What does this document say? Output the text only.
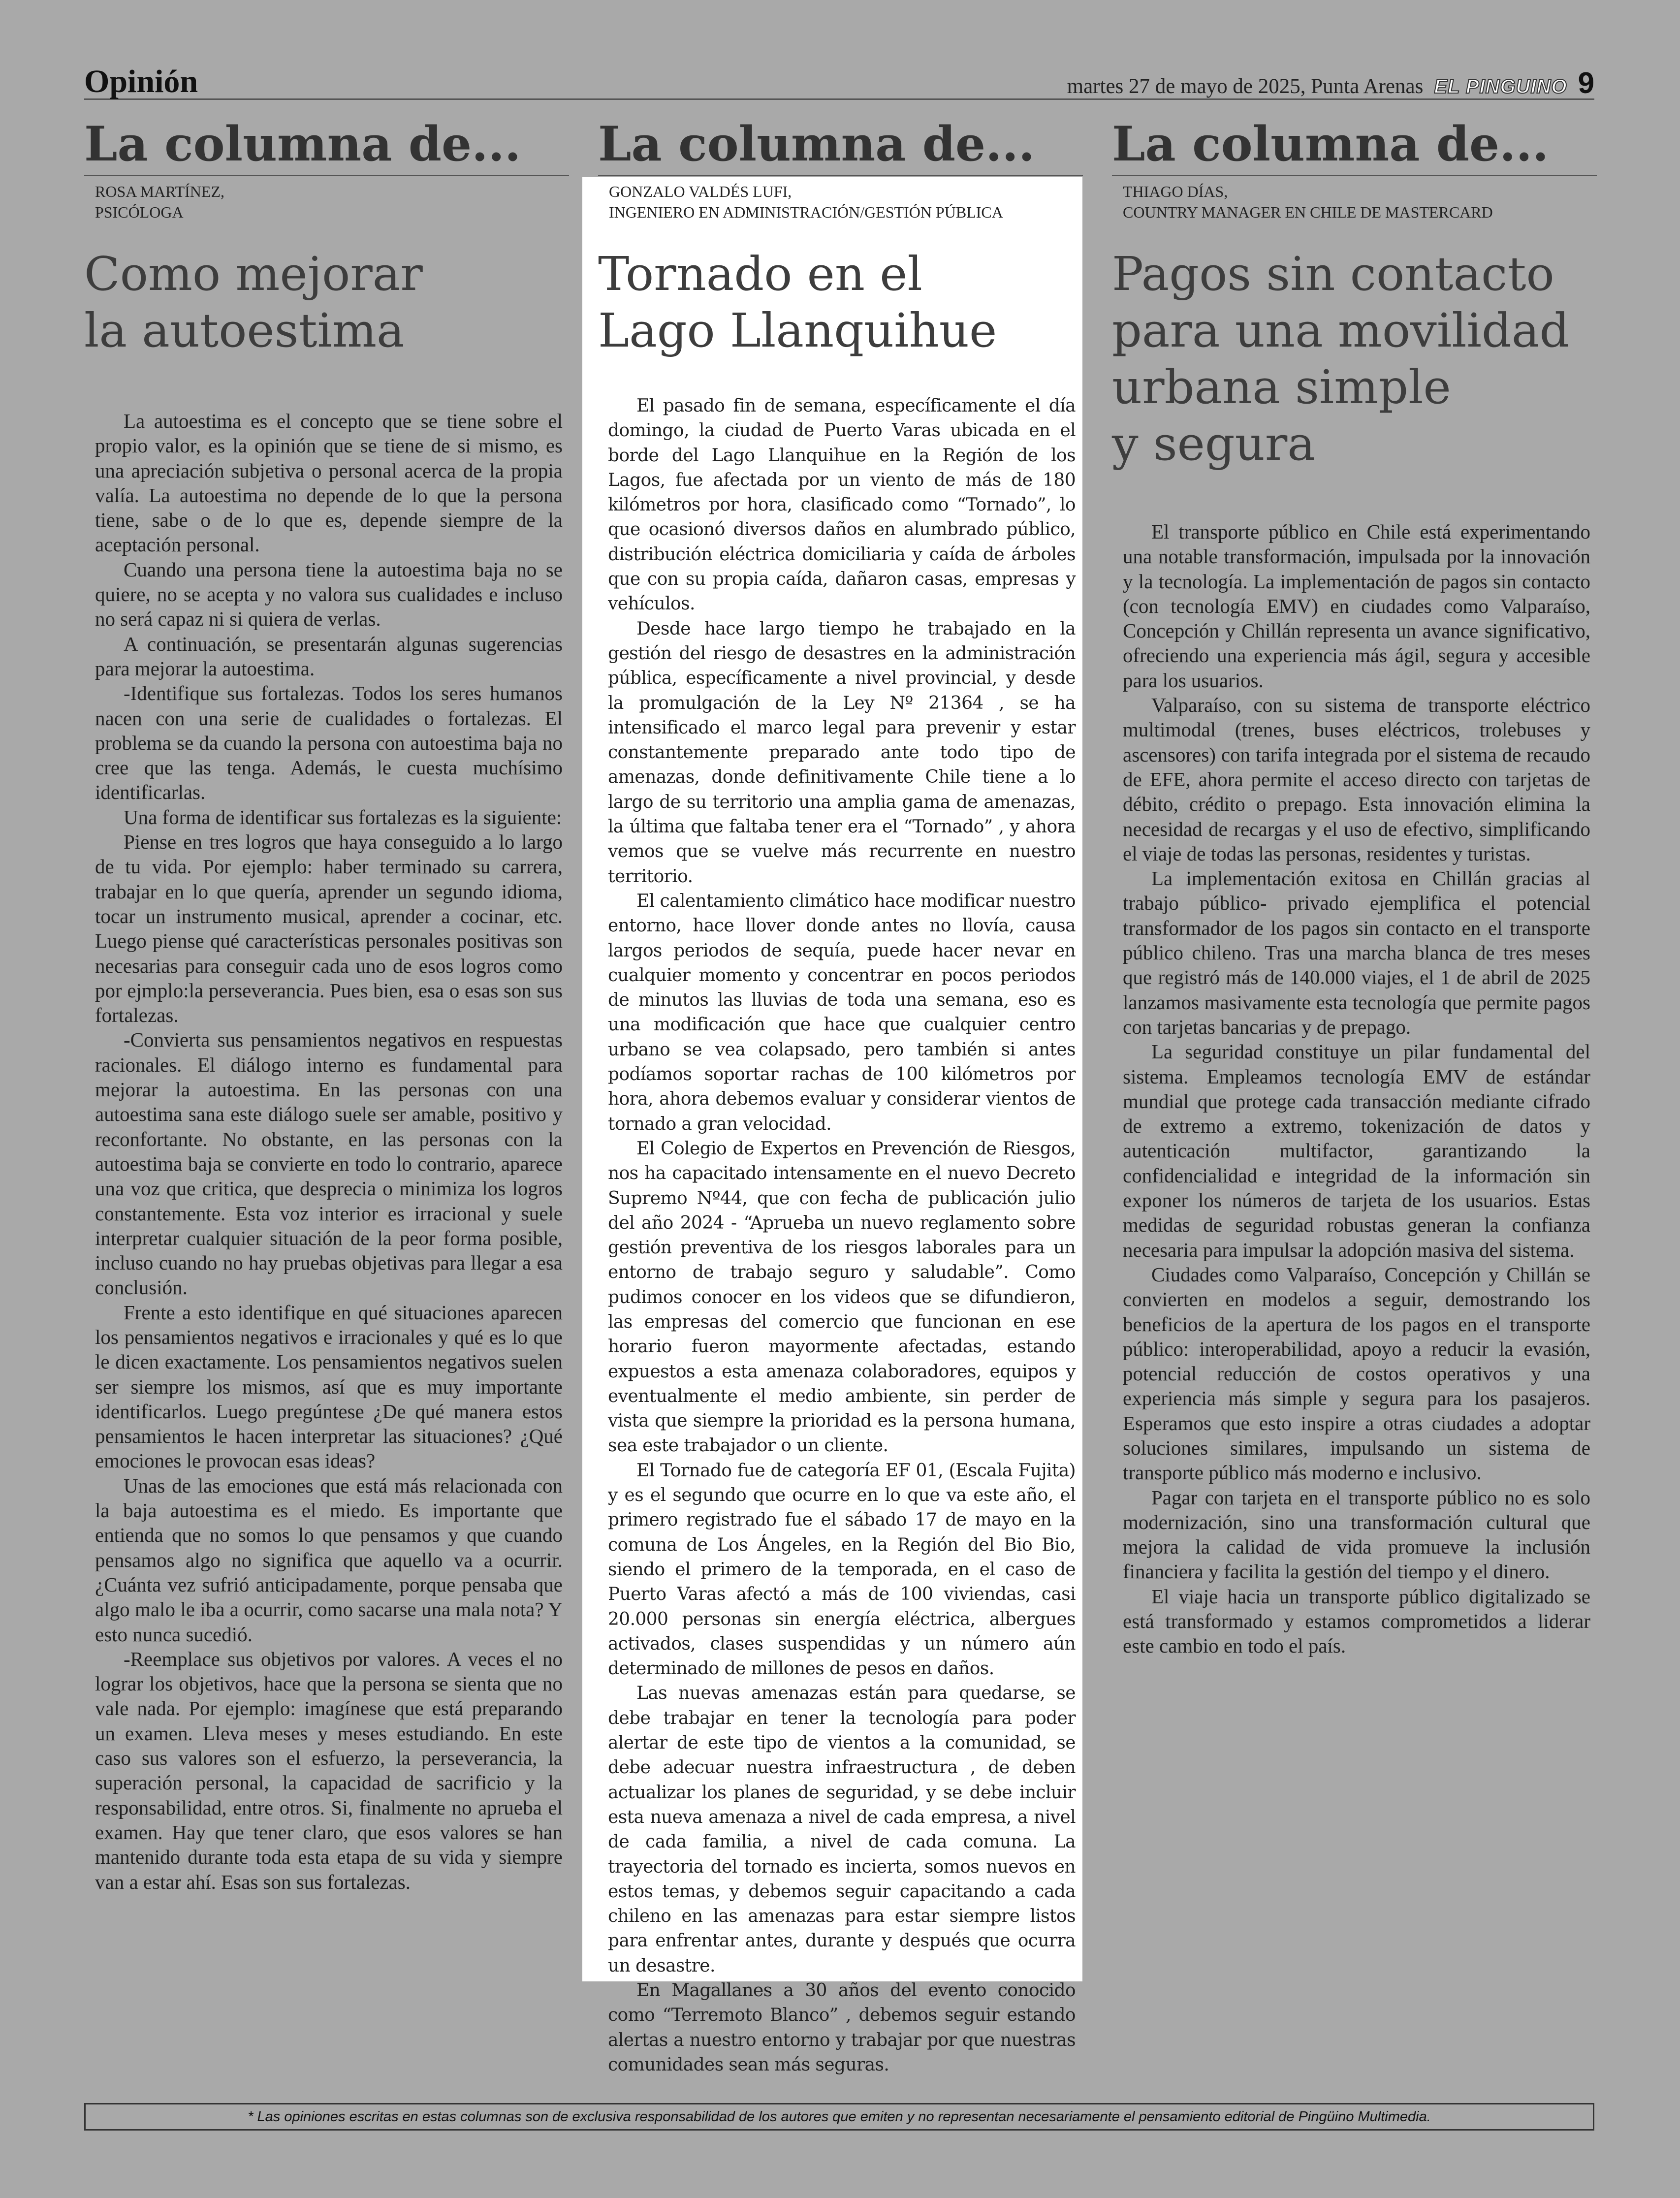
Opinión	martes 27 de mayo de 2025, Punta Arenas EL PINGUINO 9
La columna de...
ROSA MARTÍNEZ,
PSICÓLOGA
Como mejorar
la autoestima

La autoestima es el concepto que se tiene sobre el propio valor, es la opinión que se tiene de si mismo, es una apreciación subjetiva o personal acerca de la propia valía. La autoestima no depende de lo que la persona tiene, sabe o de lo que es, depende siempre de la aceptación personal.

Cuando una persona tiene la autoestima baja no se quiere, no se acepta y no valora sus cualidades e incluso no será capaz ni si quiera de verlas.

A continuación, se presentarán algunas sugerencias para mejorar la autoestima.

-Identifique sus fortalezas. Todos los seres humanos nacen con una serie de cualidades o fortalezas. El problema se da cuando la persona con autoestima baja no cree que las tenga. Además, le cuesta muchísimo identificarlas.

Una forma de identificar sus fortalezas es la siguiente:

Piense en tres logros que haya conseguido a lo largo de tu vida. Por ejemplo: haber terminado su carrera, trabajar en lo que quería, aprender un segundo idioma, tocar un instrumento musical, aprender a cocinar, etc. Luego piense qué características personales positivas son necesarias para conseguir cada uno de esos logros como por ejmplo:la perseverancia. Pues bien, esa o esas son sus fortalezas.

-Convierta sus pensamientos negativos en respuestas racionales. El diálogo interno es fundamental para mejorar la autoestima. En las personas con una autoestima sana este diálogo suele ser amable, positivo y reconfortante. No obstante, en las personas con la autoestima baja se convierte en todo lo contrario, aparece una voz que critica, que desprecia o minimiza los logros constantemente. Esta voz interior es irracional y suele interpretar cualquier situación de la peor forma posible, incluso cuando no hay pruebas objetivas para llegar a esa conclusión.

Frente a esto identifique en qué situaciones aparecen los pensamientos negativos e irracionales y qué es lo que le dicen exactamente. Los pensamientos negativos suelen ser siempre los mismos, así que es muy importante identificarlos. Luego pregúntese ¿De qué manera estos pensamientos le hacen interpretar las situaciones? ¿Qué emociones le provocan esas ideas?

Unas de las emociones que está más relacionada con la baja autoestima es el miedo. Es importante que entienda que no somos lo que pensamos y que cuando pensamos algo no significa que aquello va a ocurrir. ¿Cuánta vez sufrió anticipadamente, porque pensaba que algo malo le iba a ocurrir, como sacarse una mala nota? Y esto nunca sucedió.

-Reemplace sus objetivos por valores. A veces el no lograr los objetivos, hace que la persona se sienta que no vale nada. Por ejemplo: imagínese que está preparando un examen. Lleva meses y meses estudiando. En este caso sus valores son el esfuerzo, la perseverancia, la superación personal, la capacidad de sacrificio y la responsabilidad, entre otros. Si, finalmente no aprueba el examen. Hay que tener claro, que esos valores se han mantenido durante toda esta etapa de su vida y siempre van a estar ahí. Esas son sus fortalezas.

La columna de...
GONZALO VALDÉS LUFI,
INGENIERO EN ADMINISTRACIÓN/GESTIÓN PÚBLICA
Tornado en el
Lago Llanquihue

El pasado fin de semana, específicamente el día domingo, la ciudad de Puerto Varas ubicada en el borde del Lago Llanquihue en la Región de los Lagos, fue afectada por un viento de más de 180 kilómetros por hora, clasificado como “Tornado”, lo que ocasionó diversos daños en alumbrado público, distribución eléctrica domiciliaria y caída de árboles que con su propia caída, dañaron casas, empresas y vehículos.

Desde hace largo tiempo he trabajado en la gestión del riesgo de desastres en la administración pública, específicamente a nivel provincial, y desde la promulgación de la Ley Nº 21364 , se ha intensificado el marco legal para prevenir y estar constantemente preparado ante todo tipo de amenazas, donde definitivamente Chile tiene a lo largo de su territorio una amplia gama de amenazas, la última que faltaba tener era el “Tornado” , y ahora vemos que se vuelve más recurrente en nuestro territorio.

El calentamiento climático hace modificar nuestro entorno, hace llover donde antes no llovía, causa largos periodos de sequía, puede hacer nevar en cualquier momento y concentrar en pocos periodos de minutos las lluvias de toda una semana, eso es una modificación que hace que cualquier centro urbano se vea colapsado, pero también si antes podíamos soportar rachas de 100 kilómetros por hora, ahora debemos evaluar y considerar vientos de tornado a gran velocidad.

El Colegio de Expertos en Prevención de Riesgos, nos ha capacitado intensamente en el nuevo Decreto Supremo Nº44, que con fecha de publicación julio del año 2024 - “Aprueba un nuevo reglamento sobre gestión preventiva de los riesgos laborales para un entorno de trabajo seguro y saludable”. Como pudimos conocer en los videos que se difundieron, las empresas del comercio que funcionan en ese horario fueron mayormente afectadas, estando expuestos a esta amenaza colaboradores, equipos y eventualmente el medio ambiente, sin perder de vista que siempre la prioridad es la persona humana, sea este trabajador o un cliente.

El Tornado fue de categoría EF 01, (Escala Fujita) y es el segundo que ocurre en lo que va este año, el primero registrado fue el sábado 17 de mayo en la comuna de Los Ángeles, en la Región del Bio Bio, siendo el primero de la temporada, en el caso de Puerto Varas afectó a más de 100 viviendas, casi 20.000 personas sin energía eléctrica, albergues activados, clases suspendidas y un número aún determinado de millones de pesos en daños.

Las nuevas amenazas están para quedarse, se debe trabajar en tener la tecnología para poder alertar de este tipo de vientos a la comunidad, se debe adecuar nuestra infraestructura , de deben actualizar los planes de seguridad, y se debe incluir esta nueva amenaza a nivel de cada empresa, a nivel de cada familia, a nivel de cada comuna. La trayectoria del tornado es incierta, somos nuevos en estos temas, y debemos seguir capacitando a cada chileno en las amenazas para estar siempre listos para enfrentar antes, durante y después que ocurra un desastre.

En Magallanes a 30 años del evento conocido como “Terremoto Blanco” , debemos seguir estando alertas a nuestro entorno y trabajar por que nuestras comunidades sean más seguras.

La columna de...
THIAGO DÍAS,
COUNTRY MANAGER EN CHILE DE MASTERCARD
Pagos sin contacto
para una movilidad
urbana simple
y segura

El transporte público en Chile está experimentando una notable transformación, impulsada por la innovación y la tecnología. La implementación de pagos sin contacto (con tecnología EMV) en ciudades como Valparaíso, Concepción y Chillán representa un avance significativo, ofreciendo una experiencia más ágil, segura y accesible para los usuarios.

Valparaíso, con su sistema de transporte eléctrico multimodal (trenes, buses eléctricos, trolebuses y ascensores) con tarifa integrada por el sistema de recaudo de EFE, ahora permite el acceso directo con tarjetas de débito, crédito o prepago. Esta innovación elimina la necesidad de recargas y el uso de efectivo, simplificando el viaje de todas las personas, residentes y turistas.

La implementación exitosa en Chillán gracias al trabajo público- privado ejemplifica el potencial transformador de los pagos sin contacto en el transporte público chileno. Tras una marcha blanca de tres meses que registró más de 140.000 viajes, el 1 de abril de 2025 lanzamos masivamente esta tecnología que permite pagos con tarjetas bancarias y de prepago.

La seguridad constituye un pilar fundamental del sistema. Empleamos tecnología EMV de estándar mundial que protege cada transacción mediante cifrado de extremo a extremo, tokenización de datos y autenticación multifactor, garantizando la confidencialidad e integridad de la información sin exponer los números de tarjeta de los usuarios. Estas medidas de seguridad robustas generan la confianza necesaria para impulsar la adopción masiva del sistema.

Ciudades como Valparaíso, Concepción y Chillán se convierten en modelos a seguir, demostrando los beneficios de la apertura de los pagos en el transporte público: interoperabilidad, apoyo a reducir la evasión, potencial reducción de costos operativos y una experiencia más simple y segura para los pasajeros. Esperamos que esto inspire a otras ciudades a adoptar soluciones similares, impulsando un sistema de transporte público más moderno e inclusivo.

Pagar con tarjeta en el transporte público no es solo modernización, sino una transformación cultural que mejora la calidad de vida promueve la inclusión financiera y facilita la gestión del tiempo y el dinero.

El viaje hacia un transporte público digitalizado se está transformado y estamos comprometidos a liderar este cambio en todo el país.

* Las opiniones escritas en estas columnas son de exclusiva responsabilidad de los autores que emiten y no representan necesariamente el pensamiento editorial de Pingüino Multimedia.
